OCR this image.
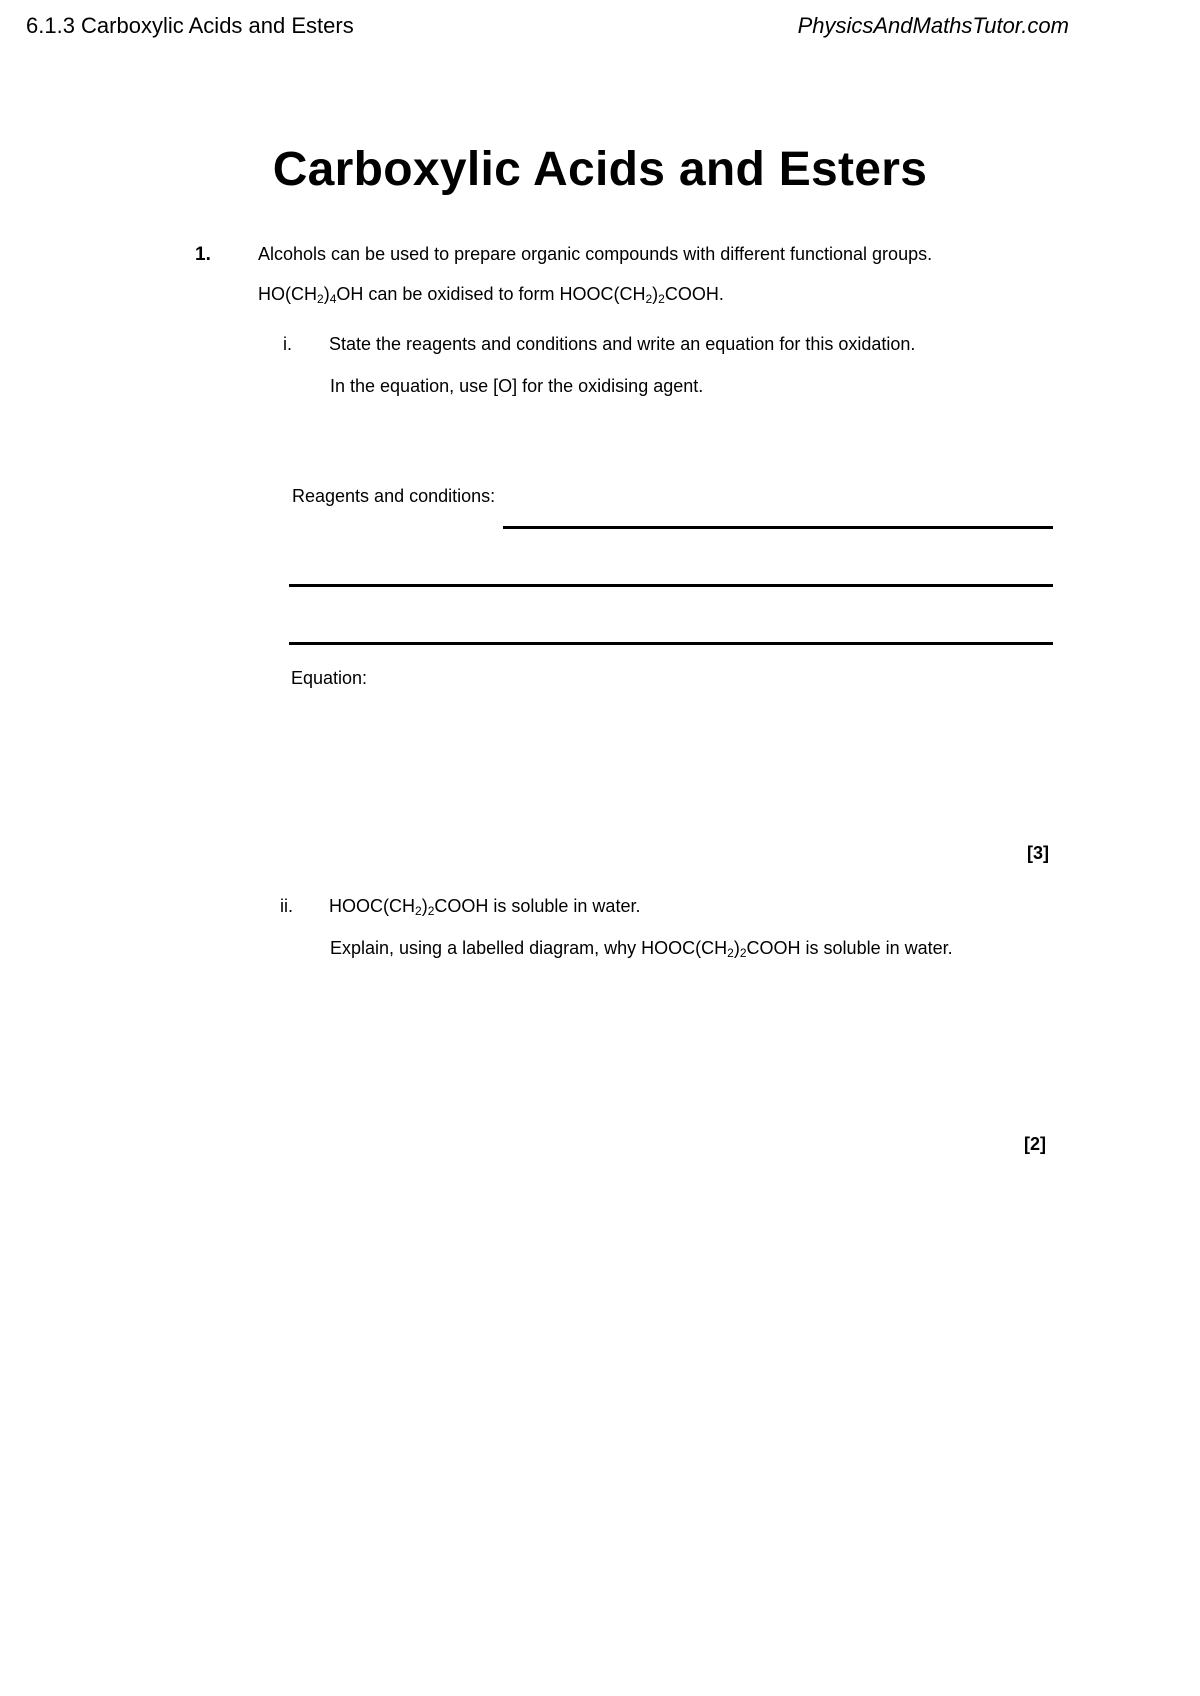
6.1.3 Carboxylic Acids and Esters	PhysicsAndMathsTutor.com
Carboxylic Acids and Esters
1.	Alcohols can be used to prepare organic compounds with different functional groups.
$HO(CH_2)_4OH$ can be oxidised to form $HOOC(CH_2)_2COOH$.
i. State the reagents and conditions and write an equation for this oxidation.
In the equation, use [O] for the oxidising agent.
Reagents and conditions:
Equation:
[3]
ii. $HOOC(CH_2)_2COOH$ is soluble in water.
Explain, using a labelled diagram, why $HOOC(CH_2)_2COOH$ is soluble in water.
[2]
